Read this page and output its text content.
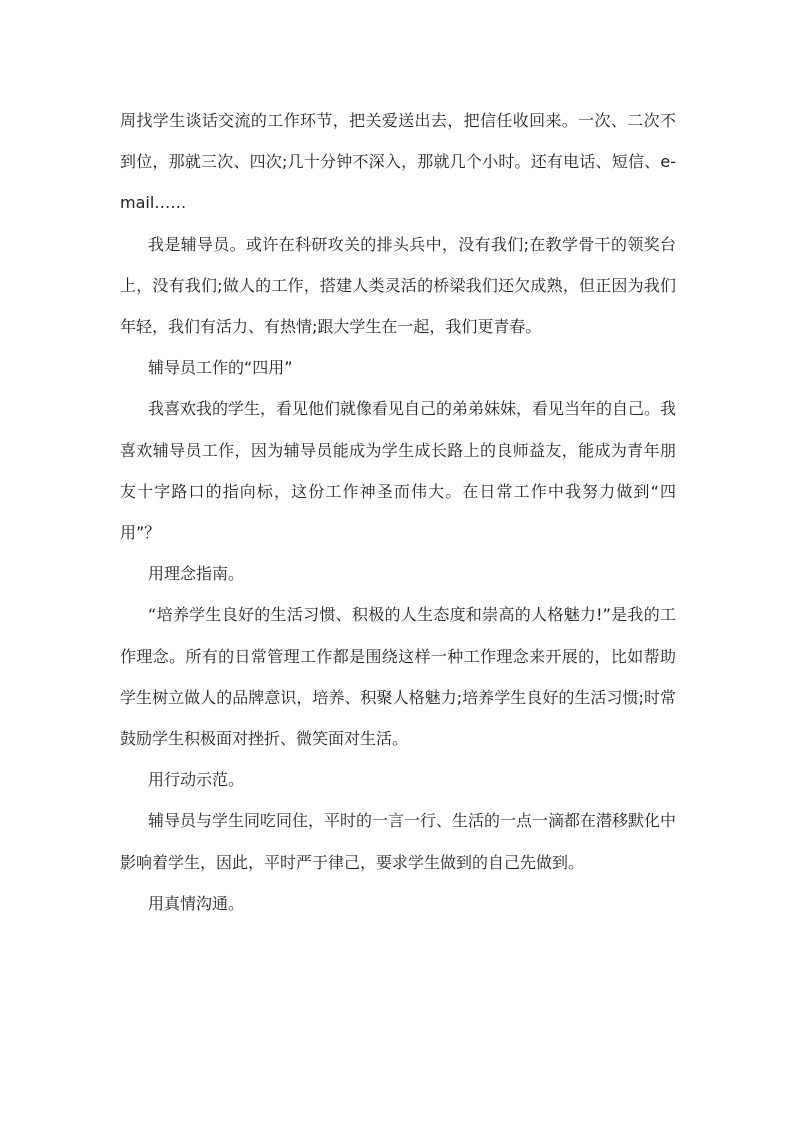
周找学生谈话交流的工作环节，把关爱送出去，把信任收回来。一次、二次不到位，那就三次、四次;几十分钟不深入，那就几个小时。还有电话、短信、e-mail……

我是辅导员。或许在科研攻关的排头兵中，没有我们;在教学骨干的领奖台上，没有我们;做人的工作，搭建人类灵活的桥梁我们还欠成熟，但正因为我们年轻，我们有活力、有热情;跟大学生在一起，我们更青春。

辅导员工作的“四用”

我喜欢我的学生，看见他们就像看见自己的弟弟妹妹，看见当年的自己。我喜欢辅导员工作，因为辅导员能成为学生成长路上的良师益友，能成为青年朋友十字路口的指向标，这份工作神圣而伟大。在日常工作中我努力做到“四用”？

用理念指南。

“培养学生良好的生活习惯、积极的人生态度和崇高的人格魅力!”是我的工作理念。所有的日常管理工作都是围绕这样一种工作理念来开展的，比如帮助学生树立做人的品牌意识，培养、积聚人格魅力;培养学生良好的生活习惯;时常鼓励学生积极面对挫折、微笑面对生活。

用行动示范。

辅导员与学生同吃同住，平时的一言一行、生活的一点一滴都在潜移默化中影响着学生，因此，平时严于律己，要求学生做到的自己先做到。

用真情沟通。
